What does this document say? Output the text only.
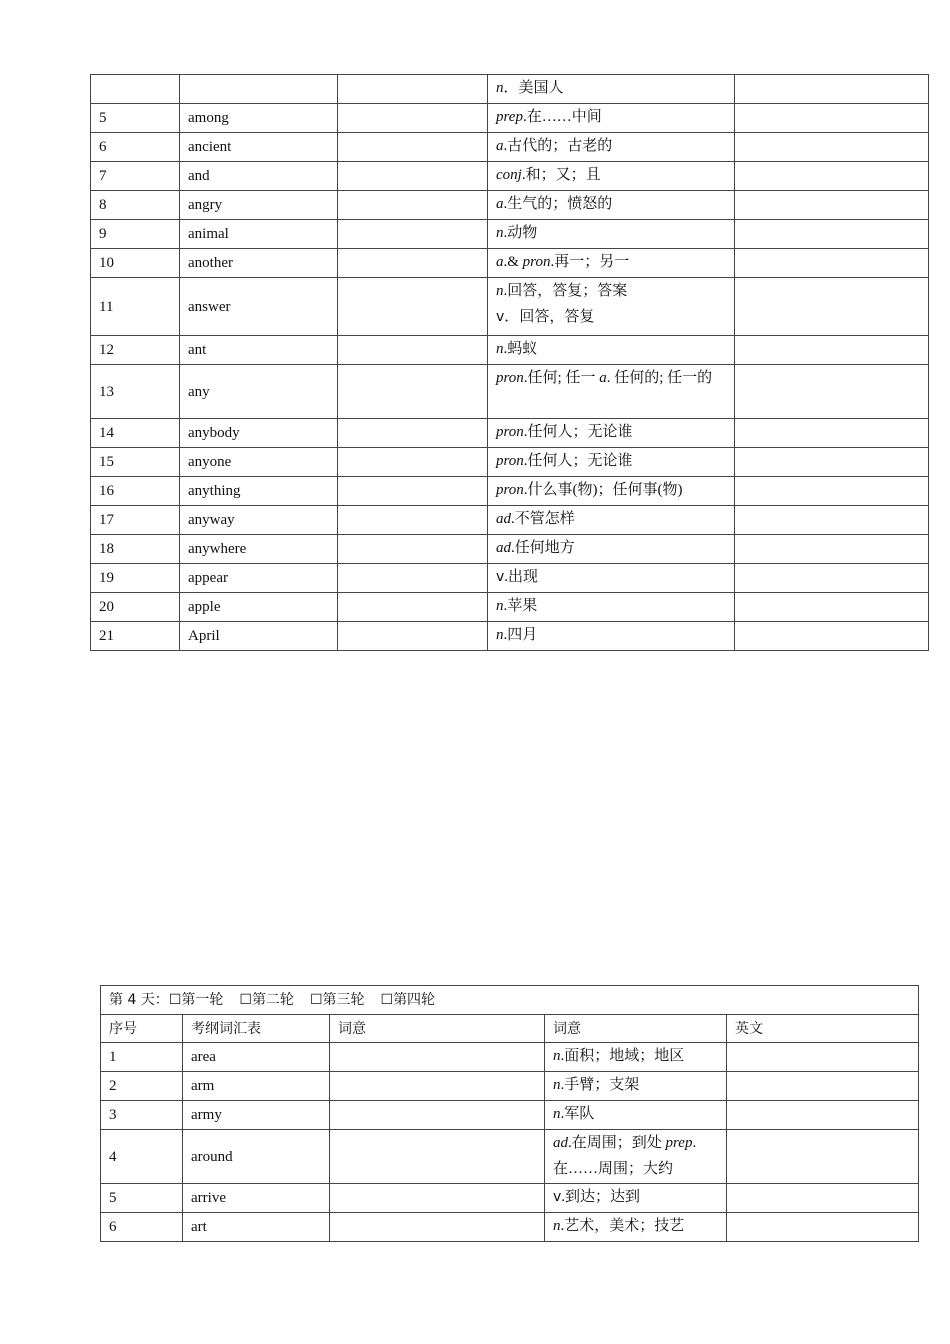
			n．美国人	
5	among		prep.在……中间	
6	ancient		a.古代的；古老的	
7	and		conj.和；又；且	
8	angry		a.生气的；愤怒的	
9	animal		n.动物	
10	another		a.& pron.再一；另一	
11	answer		n.回答，答复；答案
v．回答，答复	
12	ant		n.蚂蚁	
13	any		pron.任何; 任一 a. 任何的; 任一的	
14	anybody		pron.任何人；无论谁	
15	anyone		pron.任何人；无论谁	
16	anything		pron.什么事(物)；任何事(物)	
17	anyway		ad.不管怎样	
18	anywhere		ad.任何地方	
19	appear		v.出现	
20	apple		n.苹果	
21	April		n.四月	
第 4 天：☐第一轮 ☐第二轮 ☐第三轮 ☐第四轮				
序号	考纲词汇表	词意	词意	英文
1	area		n.面积；地域；地区	
2	arm		n.手臂；支架	
3	army		n.军队	
4	around		ad.在周围；到处 prep.
在……周围；大约	
5	arrive		v.到达；达到	
6	art		n.艺术，美术；技艺	
